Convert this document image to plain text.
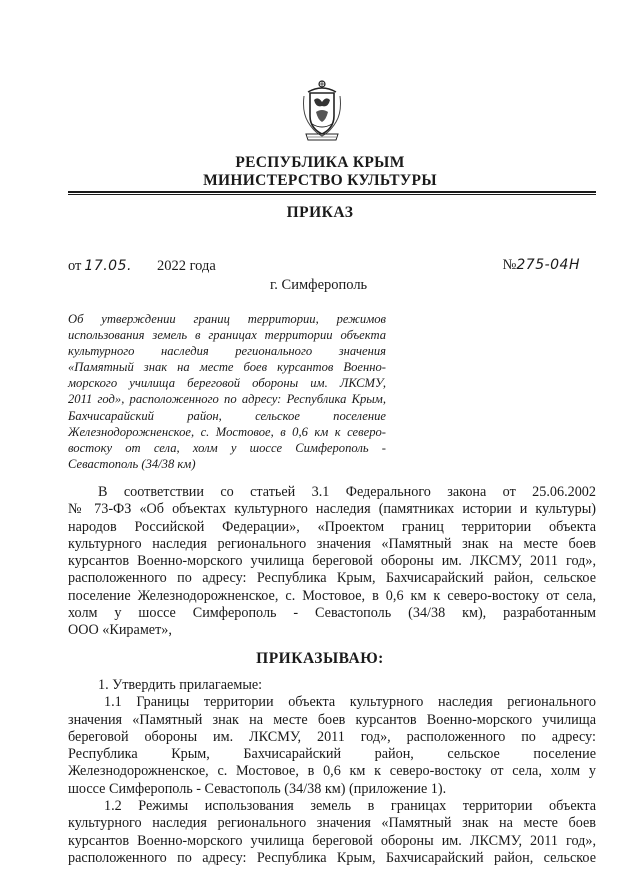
РЕСПУБЛИКА КРЫМ
МИНИСТЕРСТВО КУЛЬТУРЫ
ПРИКАЗ
от 17.05. 2022 года	№275-04Н
г. Симферополь
Об утверждении границ территории, режимов
использования земель в границах территории объекта
культурного наследия регионального значения
«Памятный знак на месте боев курсантов Военно-
морского училища береговой обороны им. ЛКСМУ,
2011 год», расположенного по адресу: Республика Крым,
Бахчисарайский район, сельское поселение
Железнодорожненское, с. Мостовое, в 0,6 км к северо-
востоку от села, холм у шоссе Симферополь -
Севастополь (34/38 км)
В соответствии со статьей 3.1 Федерального закона от 25.06.2002
№ 73-ФЗ «Об объектах культурного наследия (памятниках истории и культуры)
народов Российской Федерации», «Проектом границ территории объекта
культурного наследия регионального значения «Памятный знак на месте боев
курсантов Военно-морского училища береговой обороны им. ЛКСМУ, 2011 год»,
расположенного по адресу: Республика Крым, Бахчисарайский район, сельское
поселение Железнодорожненское, с. Мостовое, в 0,6 км к северо-востоку от села,
холм у шоссе Симферополь - Севастополь (34/38 км), разработанным
ООО «Кирамет»,
ПРИКАЗЫВАЮ:
1. Утвердить прилагаемые:
1.1 Границы территории объекта культурного наследия регионального
значения «Памятный знак на месте боев курсантов Военно-морского училища
береговой обороны им. ЛКСМУ, 2011 год», расположенного по адресу:
Республика Крым, Бахчисарайский район, сельское поселение
Железнодорожненское, с. Мостовое, в 0,6 км к северо-востоку от села, холм у
шоссе Симферополь - Севастополь (34/38 км) (приложение 1).
1.2 Режимы использования земель в границах территории объекта
культурного наследия регионального значения «Памятный знак на месте боев
курсантов Военно-морского училища береговой обороны им. ЛКСМУ, 2011 год»,
расположенного по адресу: Республика Крым, Бахчисарайский район, сельское
